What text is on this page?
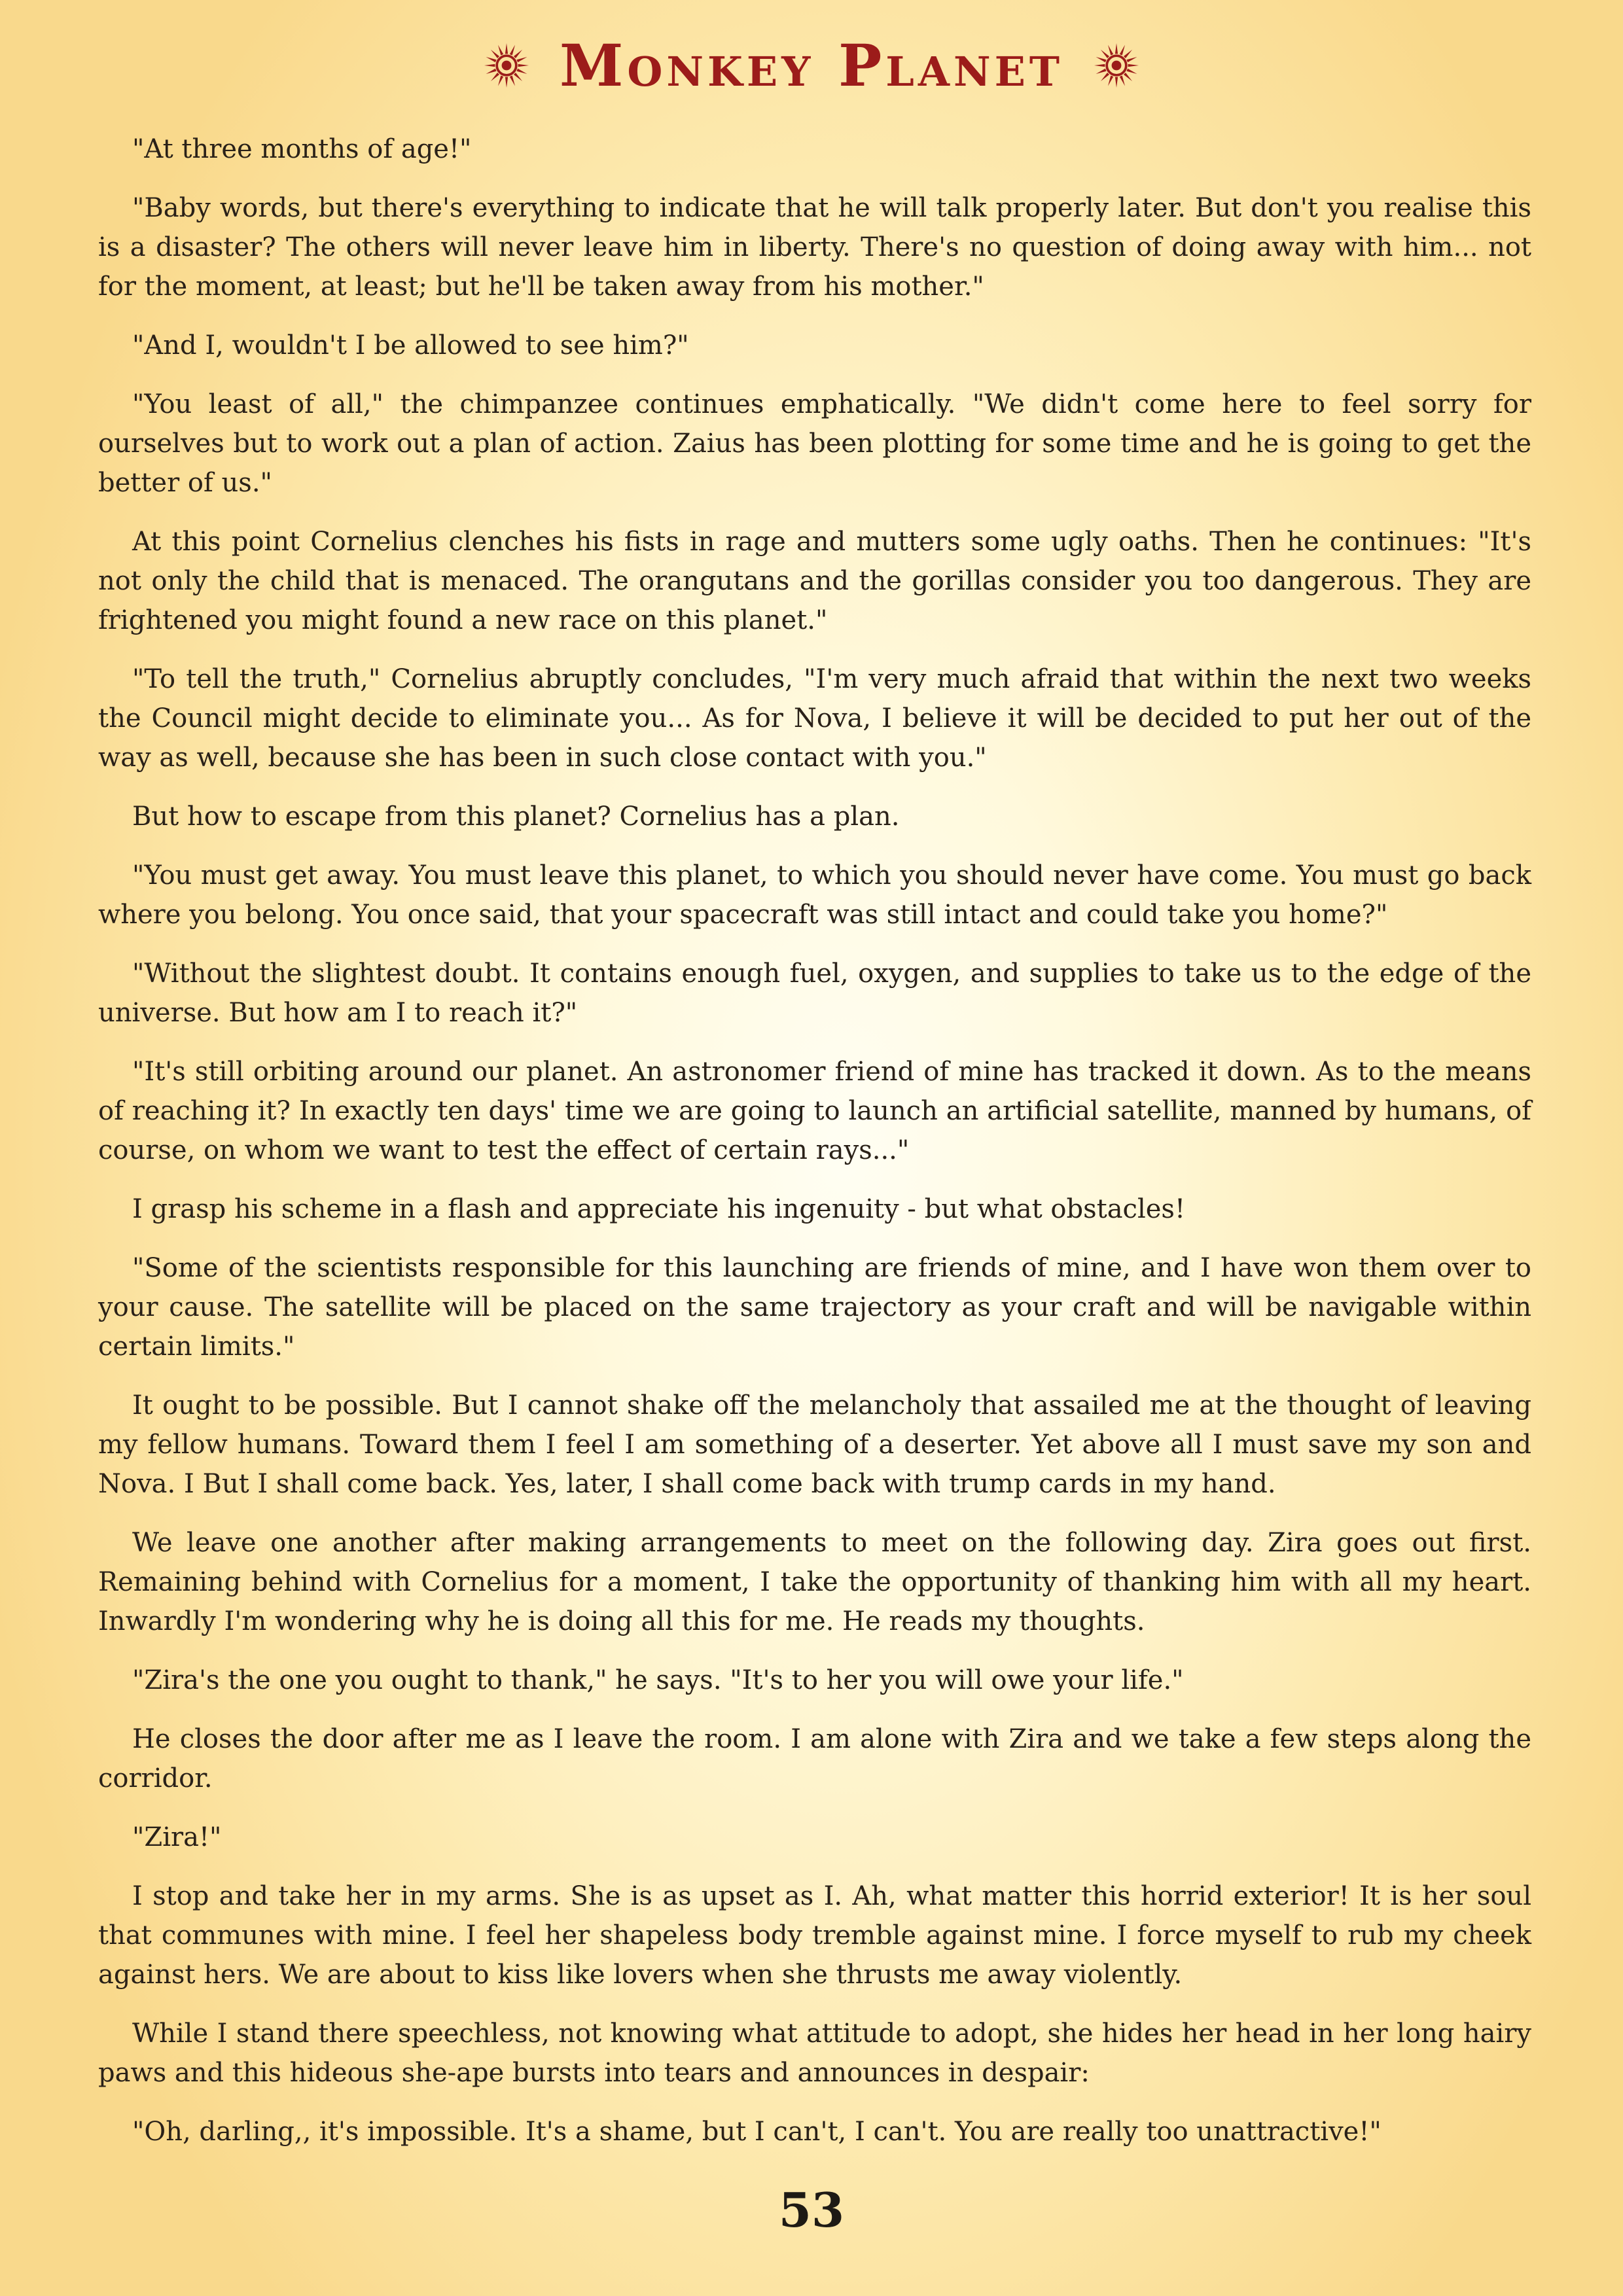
Monkey Planet

"At three months of age!"

"Baby words, but there's everything to indicate that he will talk properly later. But don't you realise this is a disaster? The others will never leave him in liberty. There's no question of doing away with him... not for the moment, at least; but he'll be taken away from his mother."

"And I, wouldn't I be allowed to see him?"

"You least of all," the chimpanzee continues emphatically. "We didn't come here to feel sorry for ourselves but to work out a plan of action. Zaius has been plotting for some time and he is going to get the better of us."

At this point Cornelius clenches his fists in rage and mutters some ugly oaths. Then he continues: "It's not only the child that is menaced. The orangutans and the gorillas consider you too dangerous. They are frightened you might found a new race on this planet."

"To tell the truth," Cornelius abruptly concludes, "I'm very much afraid that within the next two weeks the Council might decide to eliminate you... As for Nova, I believe it will be decided to put her out of the way as well, because she has been in such close contact with you."

But how to escape from this planet? Cornelius has a plan.

"You must get away. You must leave this planet, to which you should never have come. You must go back where you belong. You once said, that your spacecraft was still intact and could take you home?"

"Without the slightest doubt. It contains enough fuel, oxygen, and supplies to take us to the edge of the universe. But how am I to reach it?"

"It's still orbiting around our planet. An astronomer friend of mine has tracked it down. As to the means of reaching it? In exactly ten days' time we are going to launch an artificial satellite, manned by humans, of course, on whom we want to test the effect of certain rays..."

I grasp his scheme in a flash and appreciate his ingenuity - but what obstacles!

"Some of the scientists responsible for this launching are friends of mine, and I have won them over to your cause. The satellite will be placed on the same trajectory as your craft and will be navigable within certain limits."

It ought to be possible. But I cannot shake off the melancholy that assailed me at the thought of leaving my fellow humans. Toward them I feel I am something of a deserter. Yet above all I must save my son and Nova. I But I shall come back. Yes, later, I shall come back with trump cards in my hand.

We leave one another after making arrangements to meet on the following day. Zira goes out first. Remaining behind with Cornelius for a moment, I take the opportunity of thanking him with all my heart. Inwardly I'm wondering why he is doing all this for me. He reads my thoughts.

"Zira's the one you ought to thank," he says. "It's to her you will owe your life."

He closes the door after me as I leave the room. I am alone with Zira and we take a few steps along the corridor.

"Zira!"

I stop and take her in my arms. She is as upset as I. Ah, what matter this horrid exterior! It is her soul that communes with mine. I feel her shapeless body tremble against mine. I force myself to rub my cheek against hers. We are about to kiss like lovers when she thrusts me away violently.

While I stand there speechless, not knowing what attitude to adopt, she hides her head in her long hairy paws and this hideous she-ape bursts into tears and announces in despair:

"Oh, darling,, it's impossible. It's a shame, but I can't, I can't. You are really too unattractive!"

53
